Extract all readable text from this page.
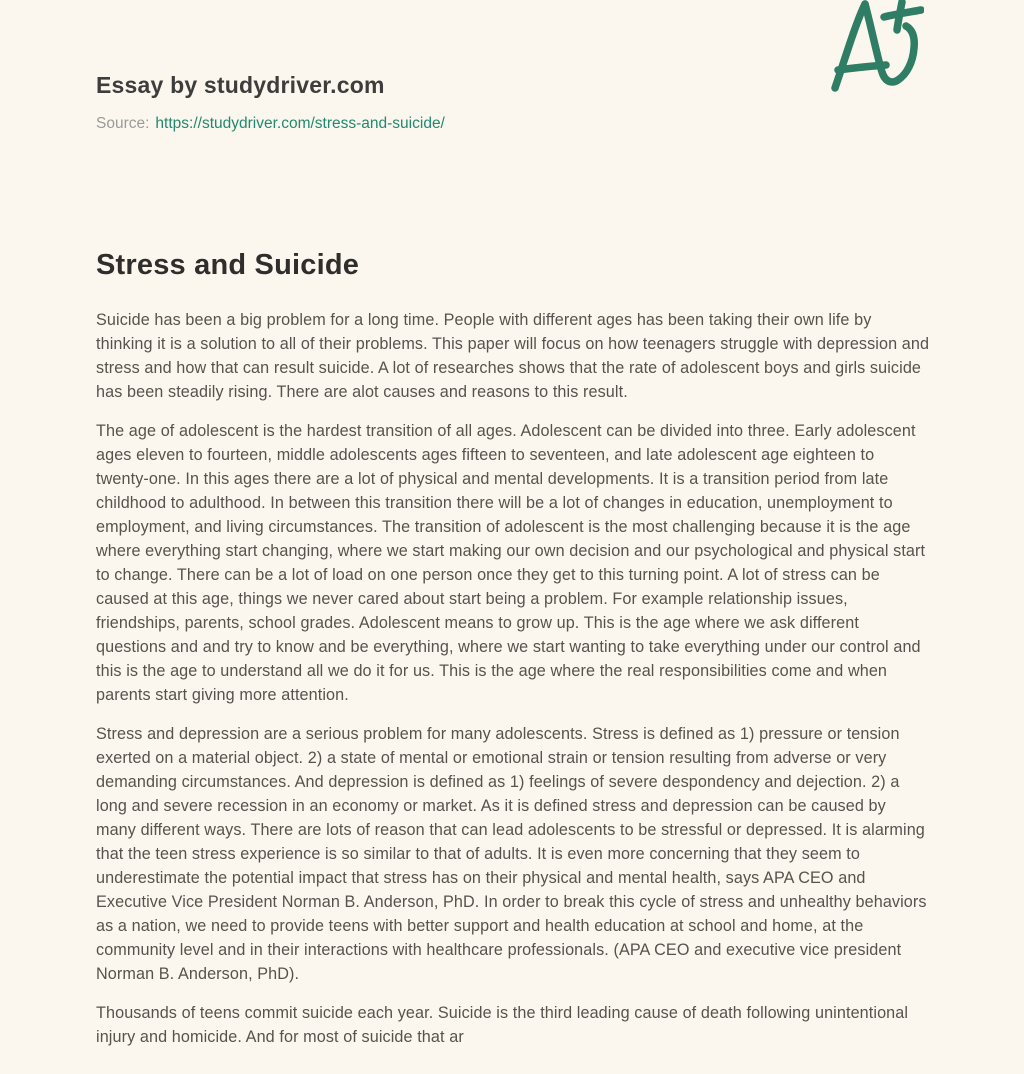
Essay by studydriver.com
Source: https://studydriver.com/stress-and-suicide/
Stress and Suicide

Suicide has been a big problem for a long time. People with different ages has been taking their own life by thinking it is a solution to all of their problems. This paper will focus on how teenagers struggle with depression and stress and how that can result suicide. A lot of researches shows that the rate of adolescent boys and girls suicide has been steadily rising. There are alot causes and reasons to this result.

The age of adolescent is the hardest transition of all ages. Adolescent can be divided into three. Early adolescent ages eleven to fourteen, middle adolescents ages fifteen to seventeen, and late adolescent age eighteen to twenty-one. In this ages there are a lot of physical and mental developments. It is a transition period from late childhood to adulthood. In between this transition there will be a lot of changes in education, unemployment to employment, and living circumstances. The transition of adolescent is the most challenging because it is the age where everything start changing, where we start making our own decision and our psychological and physical start to change. There can be a lot of load on one person once they get to this turning point. A lot of stress can be caused at this age, things we never cared about start being a problem. For example relationship issues, friendships, parents, school grades. Adolescent means to grow up. This is the age where we ask different questions and and try to know and be everything, where we start wanting to take everything under our control and this is the age to understand all we do it for us. This is the age where the real responsibilities come and when parents start giving more attention.

Stress and depression are a serious problem for many adolescents. Stress is defined as 1) pressure or tension exerted on a material object. 2) a state of mental or emotional strain or tension resulting from adverse or very demanding circumstances. And depression is defined as 1) feelings of severe despondency and dejection. 2) a long and severe recession in an economy or market. As it is defined stress and depression can be caused by many different ways. There are lots of reason that can lead adolescents to be stressful or depressed. It is alarming that the teen stress experience is so similar to that of adults. It is even more concerning that they seem to underestimate the potential impact that stress has on their physical and mental health, says APA CEO and Executive Vice President Norman B. Anderson, PhD. In order to break this cycle of stress and unhealthy behaviors as a nation, we need to provide teens with better support and health education at school and home, at the community level and in their interactions with healthcare professionals. (APA CEO and executive vice president Norman B. Anderson, PhD).

Thousands of teens commit suicide each year. Suicide is the third leading cause of death following unintentional injury and homicide. And for most of suicide that ar
